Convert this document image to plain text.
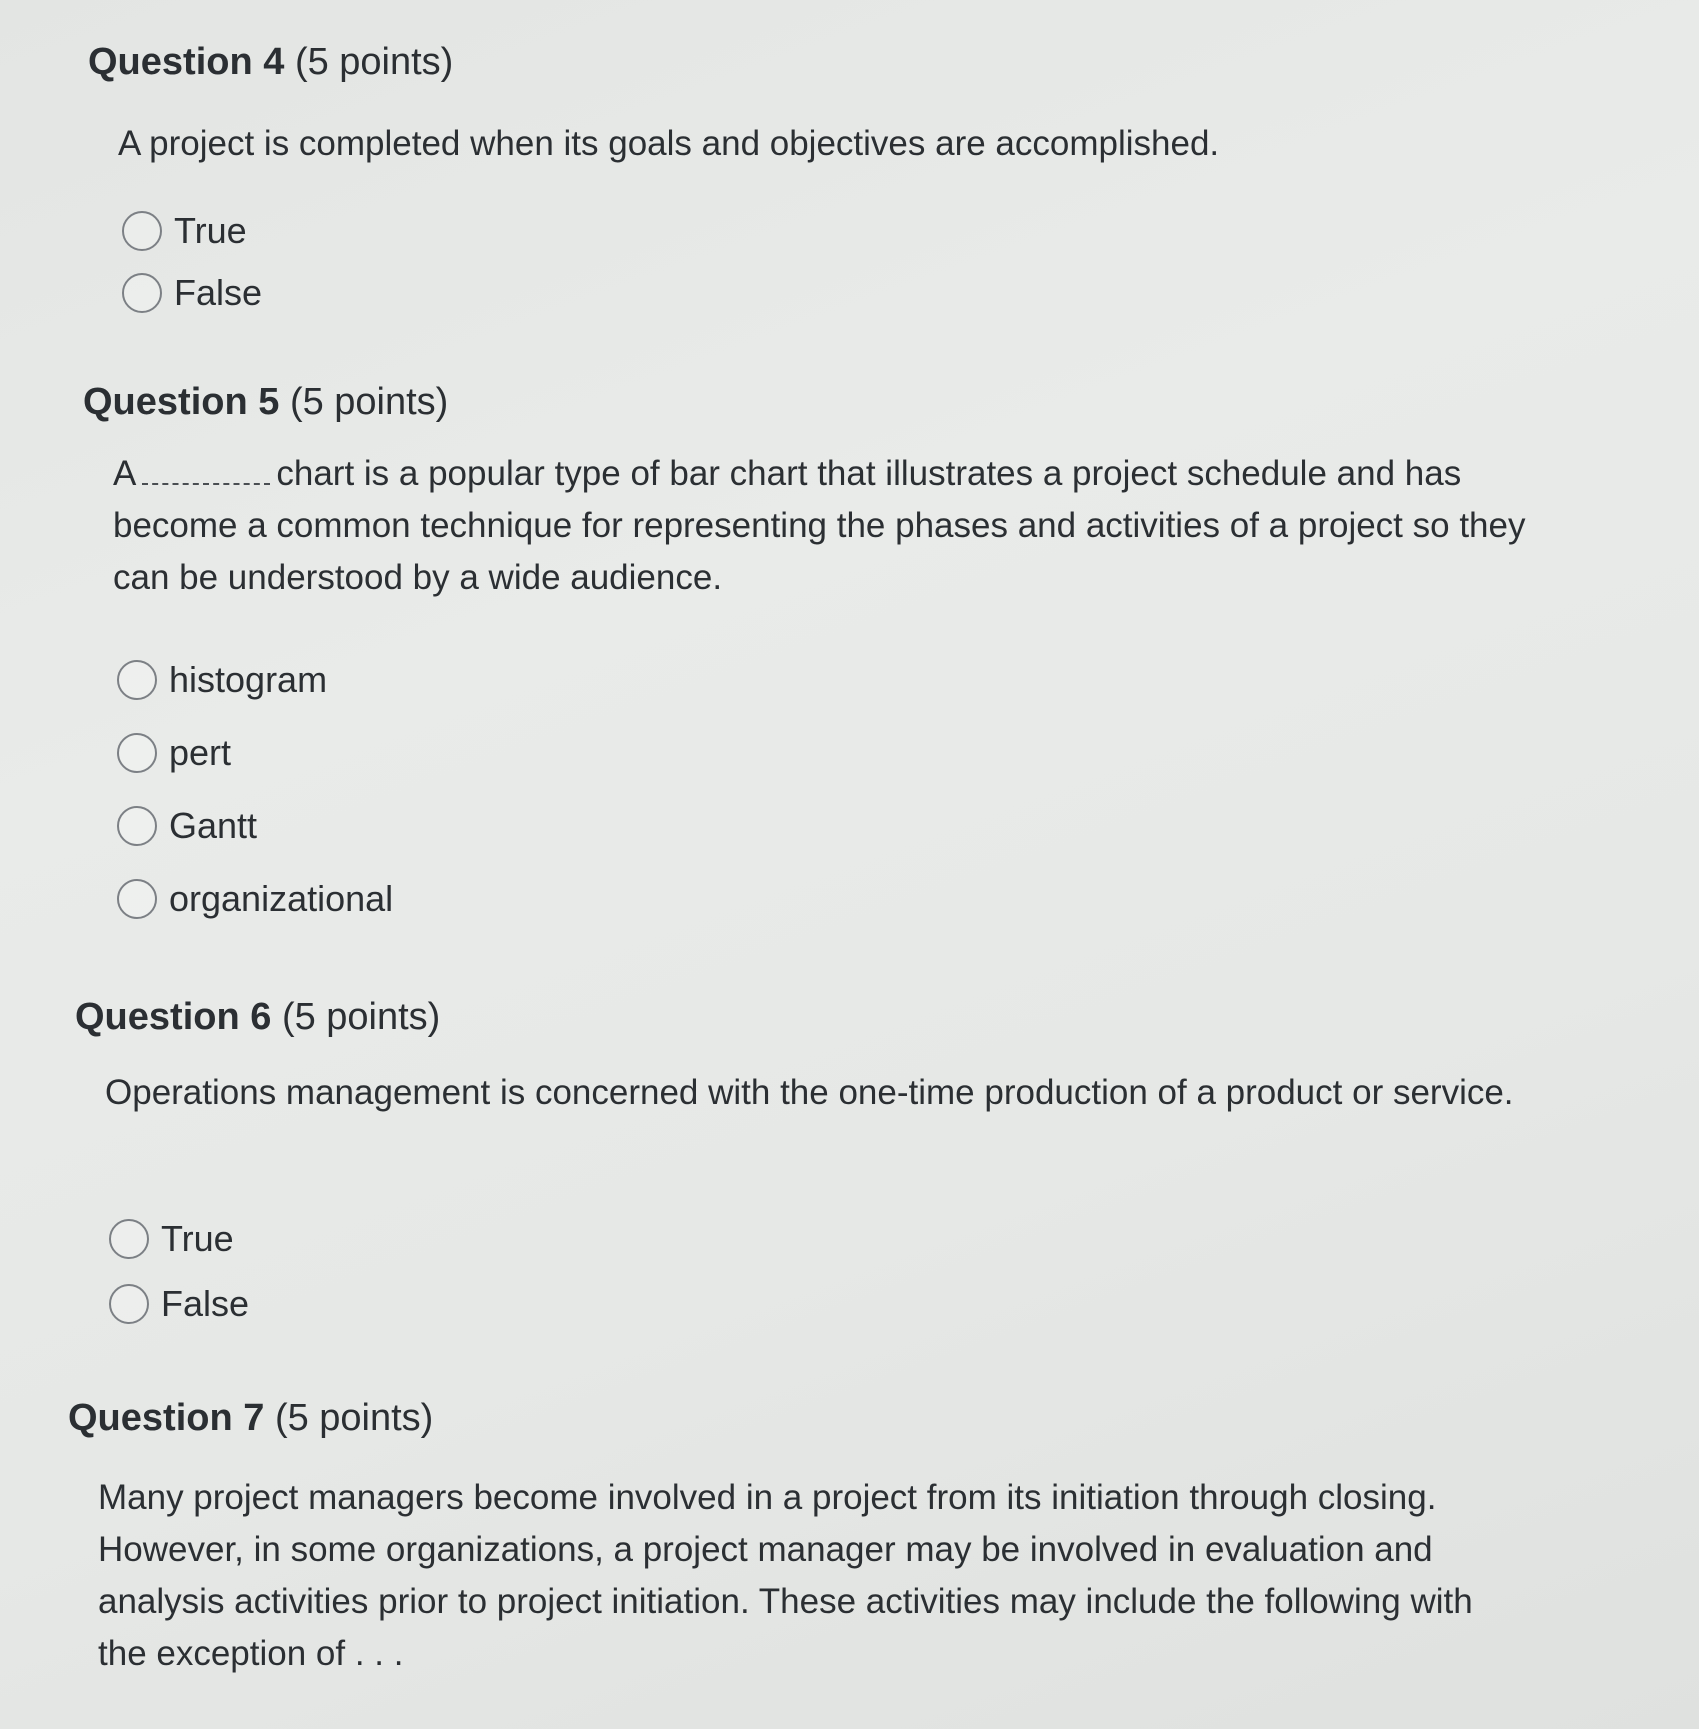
Question 4 (5 points)

A project is completed when its goals and objectives are accomplished.

True
False
Question 5 (5 points)

A	chart is a popular type of bar chart that illustrates a project schedule and has become a common technique for representing the phases and activities of a project so they can be understood by a wide audience.

histogram
pert
Gantt
organizational
Question 6 (5 points)

Operations management is concerned with the one-time production of a product or service.

True
False
Question 7 (5 points)

Many project managers become involved in a project from its initiation through closing. However, in some organizations, a project manager may be involved in evaluation and analysis activities prior to project initiation. These activities may include the following with the exception of . . .
